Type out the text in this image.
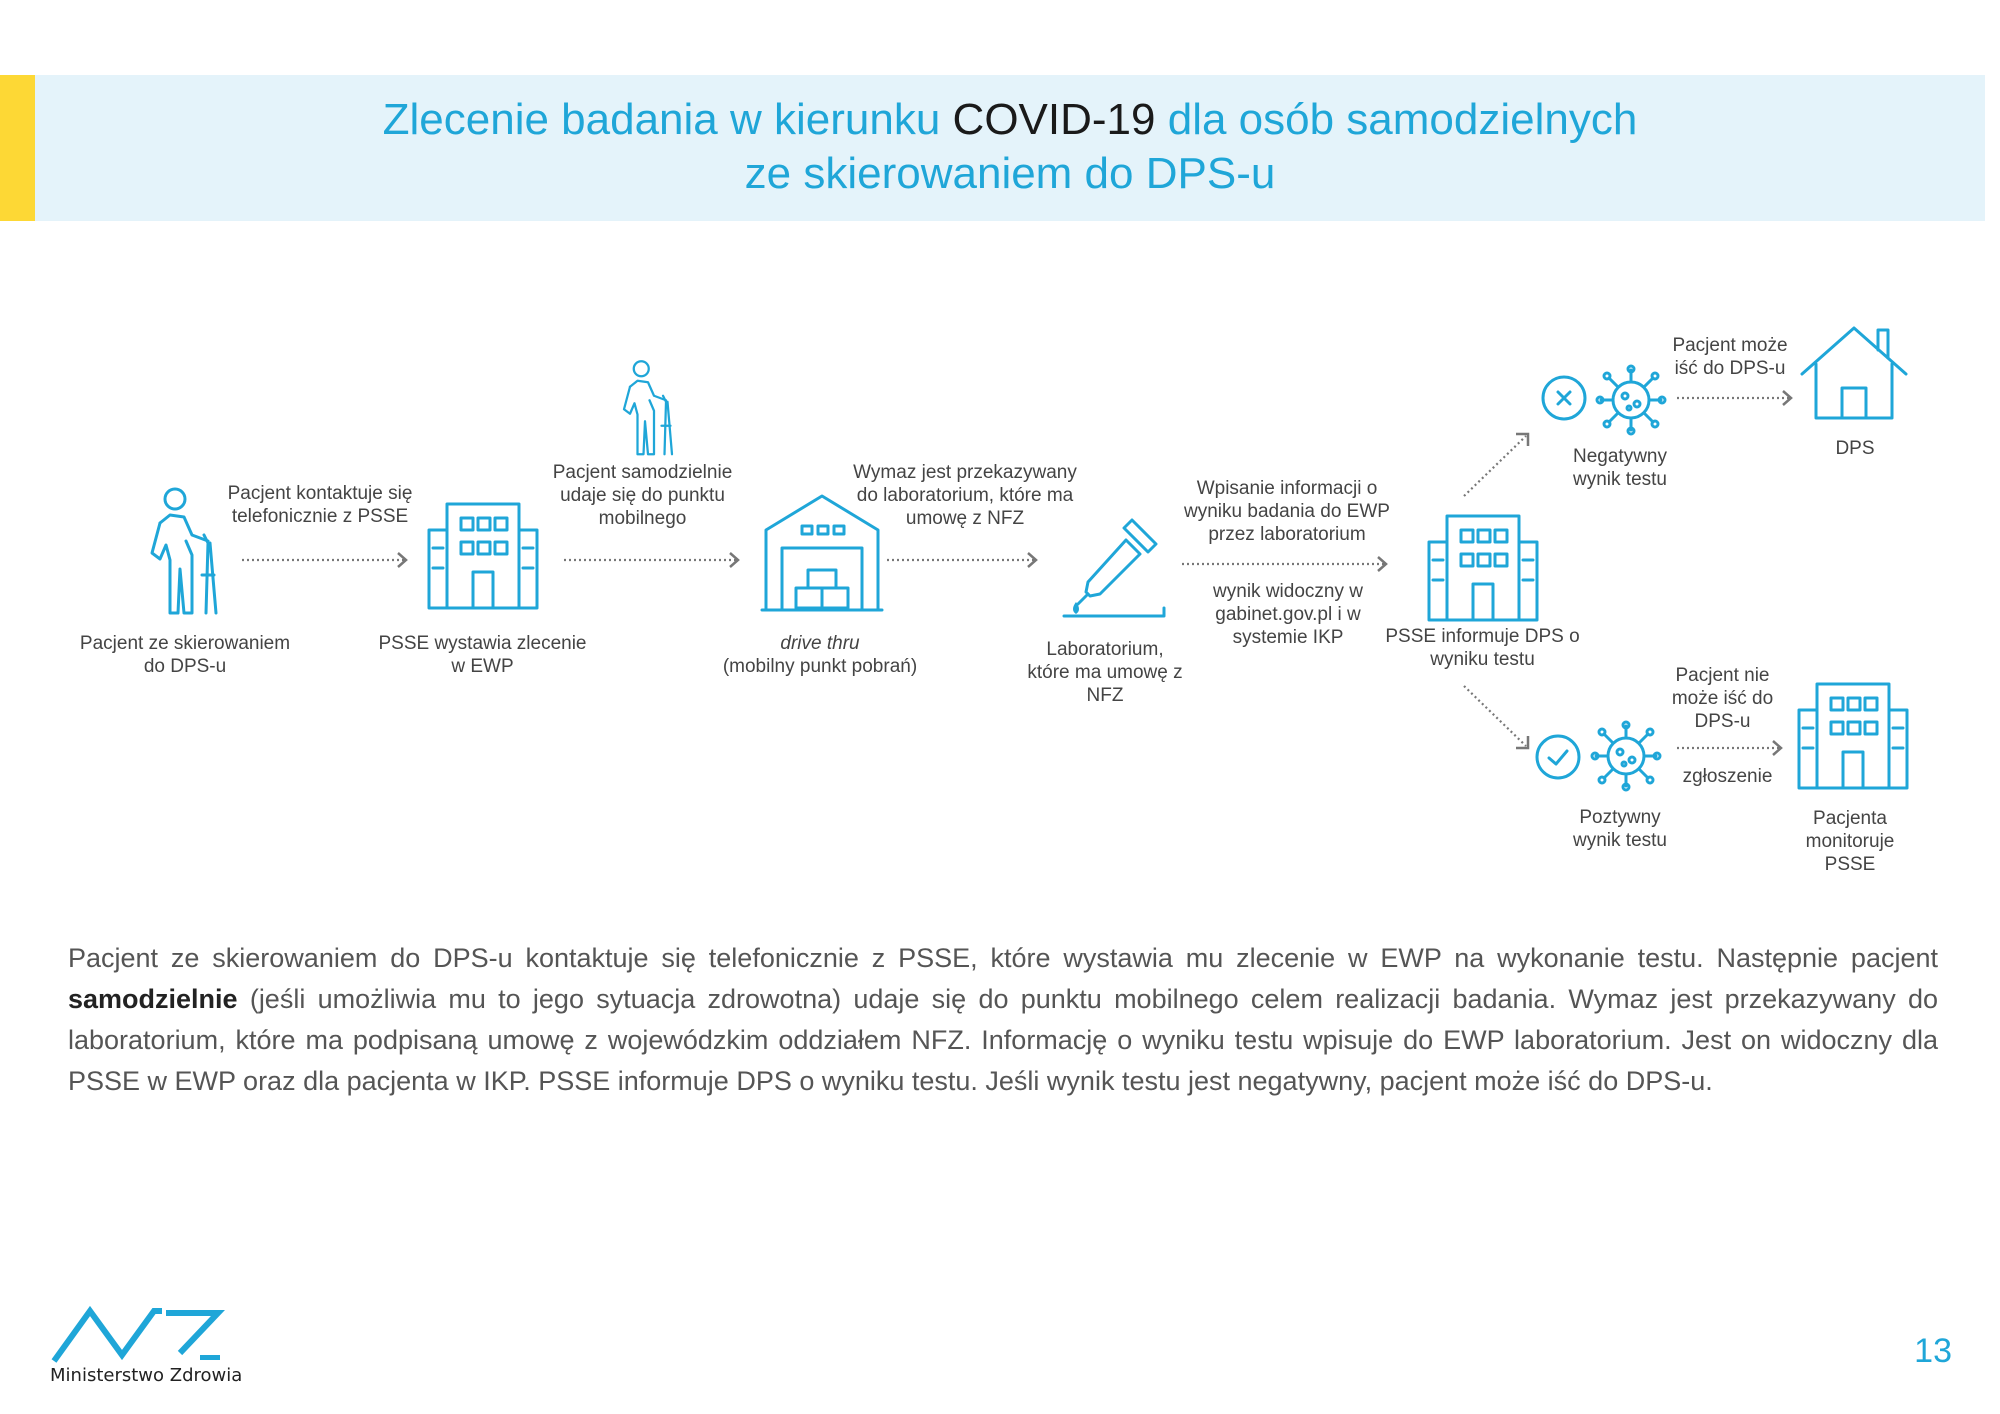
Zlecenie badania w kierunku COVID-19 dla osób samodzielnych
ze skierowaniem do DPS-u
Pacjent ze skierowaniem do DPS-u
Pacjent kontaktuje się telefonicznie z PSSE
PSSE wystawia zlecenie w EWP
Pacjent samodzielnie udaje się do punktu mobilnego
drive thru
(mobilny punkt pobrań)
Wymaz jest przekazywany do laboratorium, które ma umowę z NFZ
Laboratorium, które ma umowę z NFZ
Wpisanie informacji o wyniku badania do EWP przez laboratorium
wynik widoczny w gabinet.gov.pl i w systemie IKP	PSSE informuje DPS o wyniku testu
Negatywny wynik testu
Pacjent może iść do DPS-u
DPS
Poztywny wynik testu
Pacjent nie może iść do DPS-u
zgłoszenie
Pacjenta monitoruje PSSE
Pacjent ze skierowaniem do DPS-u kontaktuje się telefonicznie z PSSE, które wystawia mu zlecenie w EWP na wykonanie testu. Następnie pacjent samodzielnie (jeśli umożliwia mu to jego sytuacja zdrowotna) udaje się do punktu mobilnego celem realizacji badania. Wymaz jest przekazywany do laboratorium, które ma podpisaną umowę z wojewódzkim oddziałem NFZ. Informację o wyniku testu wpisuje do EWP laboratorium. Jest on widoczny dla PSSE w EWP oraz dla pacjenta w IKP. PSSE informuje DPS o wyniku testu. Jeśli wynik testu jest negatywny, pacjent może iść do DPS-u.
Ministerstwo Zdrowia
13
